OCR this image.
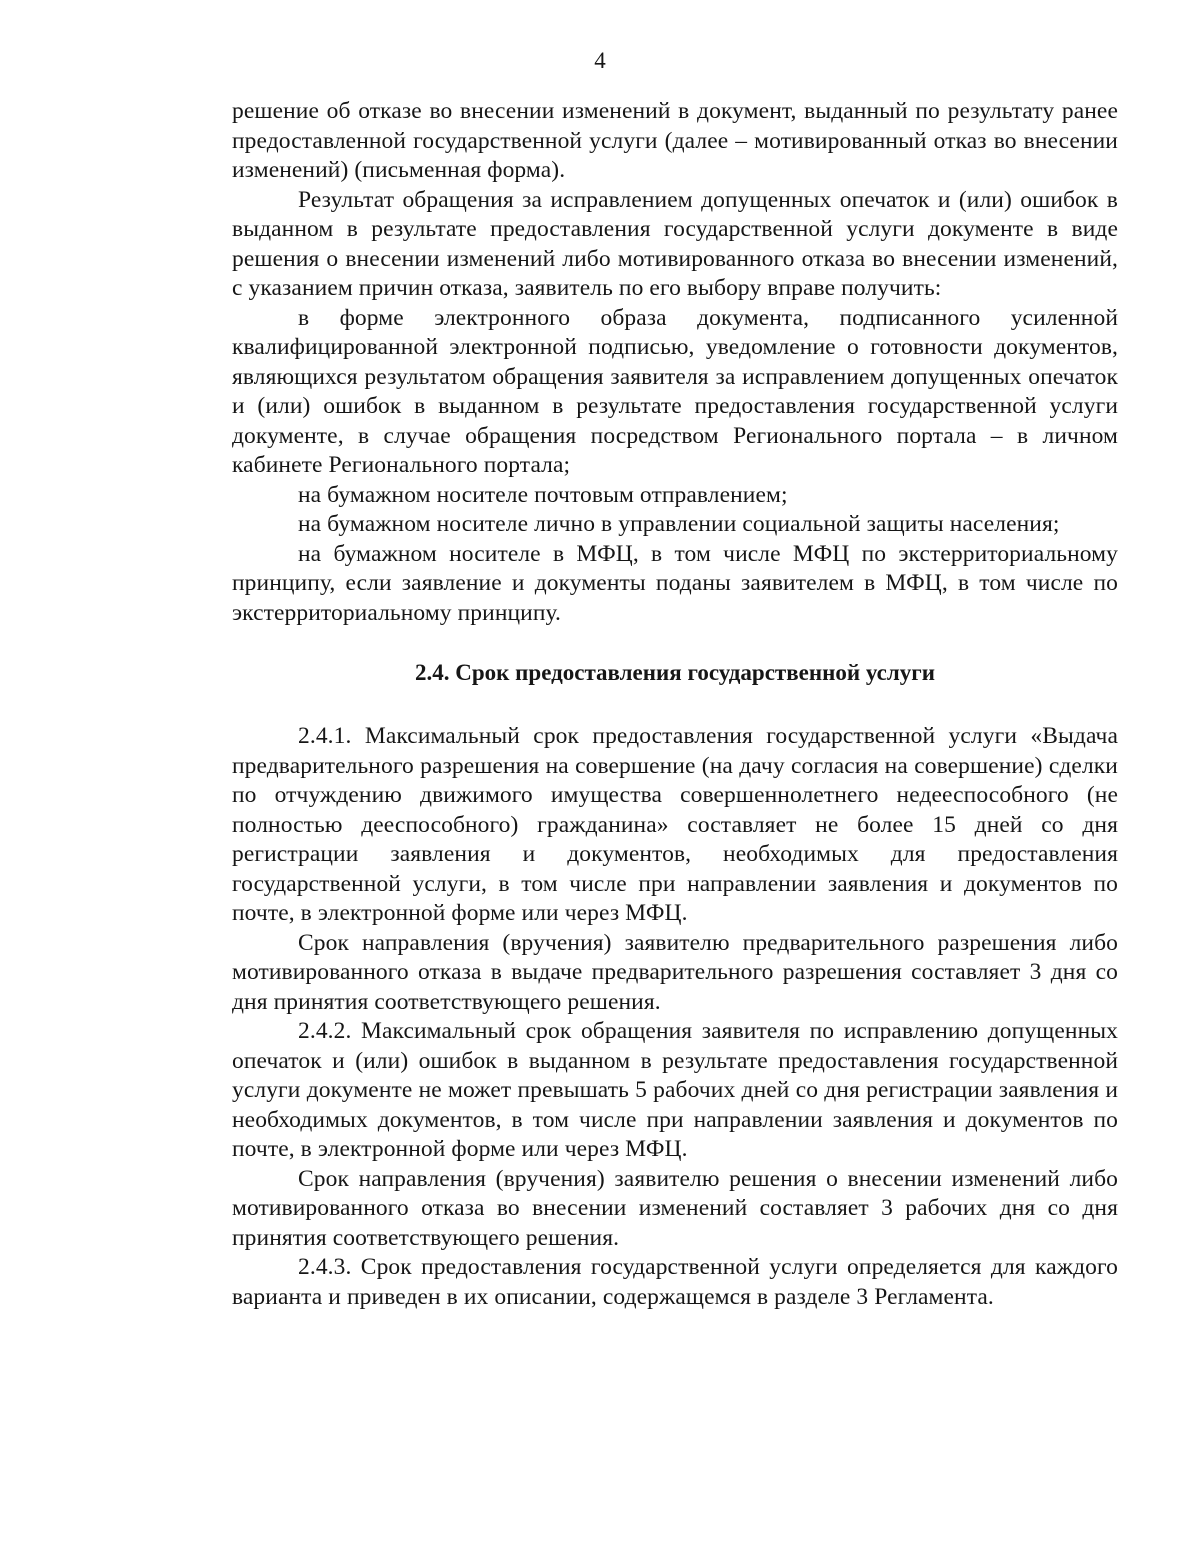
4

решение об отказе во внесении изменений в документ, выданный по результату ранее предоставленной государственной услуги (далее – мотивированный отказ во внесении изменений) (письменная форма).

Результат обращения за исправлением допущенных опечаток и (или) ошибок в выданном в результате предоставления государственной услуги документе в виде решения о внесении изменений либо мотивированного отказа во внесении изменений, с указанием причин отказа, заявитель по его выбору вправе получить:

в форме электронного образа документа, подписанного усиленной квалифицированной электронной подписью, уведомление о готовности документов, являющихся результатом обращения заявителя за исправлением допущенных опечаток и (или) ошибок в выданном в результате предоставления государственной услуги документе, в случае обращения посредством Регионального портала – в личном кабинете Регионального портала;

на бумажном носителе почтовым отправлением;

на бумажном носителе лично в управлении социальной защиты населения;

на бумажном носителе в МФЦ, в том числе МФЦ по экстерриториальному принципу, если заявление и документы поданы заявителем в МФЦ, в том числе по экстерриториальному принципу.

2.4. Срок предоставления государственной услуги

2.4.1. Максимальный срок предоставления государственной услуги «Выдача предварительного разрешения на совершение (на дачу согласия на совершение) сделки по отчуждению движимого имущества совершеннолетнего недееспособного (не полностью дееспособного) гражданина» составляет не более 15 дней со дня регистрации заявления и документов, необходимых для предоставления государственной услуги, в том числе при направлении заявления и документов по почте, в электронной форме или через МФЦ.

Срок направления (вручения) заявителю предварительного разрешения либо мотивированного отказа в выдаче предварительного разрешения составляет 3 дня со дня принятия соответствующего решения.

2.4.2. Максимальный срок обращения заявителя по исправлению допущенных опечаток и (или) ошибок в выданном в результате предоставления государственной услуги документе не может превышать 5 рабочих дней со дня регистрации заявления и необходимых документов, в том числе при направлении заявления и документов по почте, в электронной форме или через МФЦ.

Срок направления (вручения) заявителю решения о внесении изменений либо мотивированного отказа во внесении изменений составляет 3 рабочих дня со дня принятия соответствующего решения.

2.4.3. Срок предоставления государственной услуги определяется для каждого варианта и приведен в их описании, содержащемся в разделе 3 Регламента.
